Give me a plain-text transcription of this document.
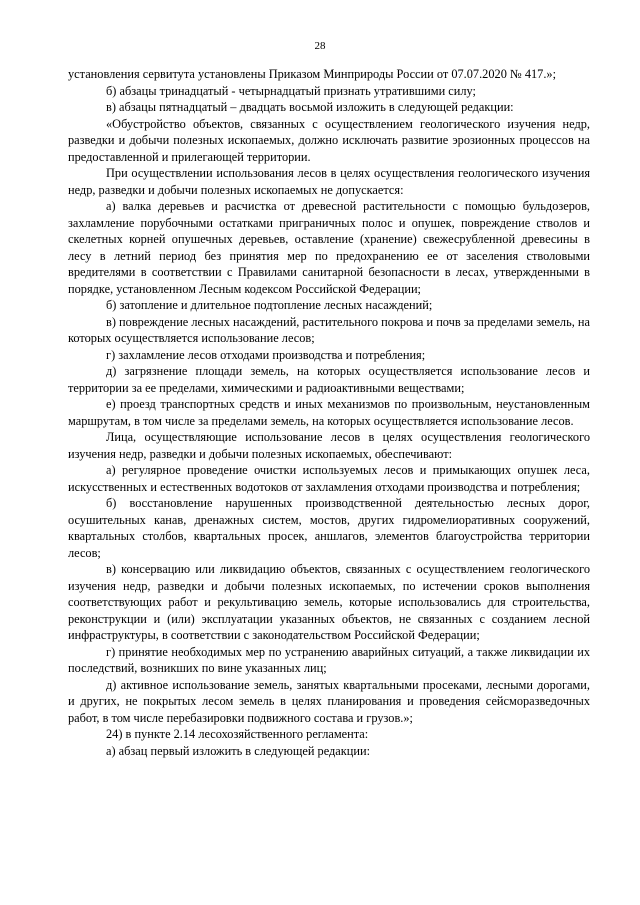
28

установления сервитута установлены Приказом Минприроды России от 07.07.2020 № 417.»;

б) абзацы тринадцатый - четырнадцатый признать утратившими силу;

в) абзацы пятнадцатый – двадцать восьмой изложить в следующей редакции:

«Обустройство объектов, связанных с осуществлением геологического изучения недр, разведки и добычи полезных ископаемых, должно исключать развитие эрозионных процессов на предоставленной и прилегающей территории.

При осуществлении использования лесов в целях осуществления геологического изучения недр, разведки и добычи полезных ископаемых не допускается:

а) валка деревьев и расчистка от древесной растительности с помощью бульдозеров, захламление порубочными остатками приграничных полос и опушек, повреждение стволов и скелетных корней опушечных деревьев, оставление (хранение) свежесрубленной древесины в лесу в летний период без принятия мер по предохранению ее от заселения стволовыми вредителями в соответствии с Правилами санитарной безопасности в лесах, утвержденными в порядке, установленном Лесным кодексом Российской Федерации;

б) затопление и длительное подтопление лесных насаждений;

в) повреждение лесных насаждений, растительного покрова и почв за пределами земель, на которых осуществляется использование лесов;

г) захламление лесов отходами производства и потребления;

д) загрязнение площади земель, на которых осуществляется использование лесов и территории за ее пределами, химическими и радиоактивными веществами;

е) проезд транспортных средств и иных механизмов по произвольным, неустановленным маршрутам, в том числе за пределами земель, на которых осуществляется использование лесов.

Лица, осуществляющие использование лесов в целях осуществления геологического изучения недр, разведки и добычи полезных ископаемых, обеспечивают:

а) регулярное проведение очистки используемых лесов и примыкающих опушек леса, искусственных и естественных водотоков от захламления отходами производства и потребления;

б) восстановление нарушенных производственной деятельностью лесных дорог, осушительных канав, дренажных систем, мостов, других гидромелиоративных сооружений, квартальных столбов, квартальных просек, аншлагов, элементов благоустройства территории лесов;

в) консервацию или ликвидацию объектов, связанных с осуществлением геологического изучения недр, разведки и добычи полезных ископаемых, по истечении сроков выполнения соответствующих работ и рекультивацию земель, которые использовались для строительства, реконструкции и (или) эксплуатации указанных объектов, не связанных с созданием лесной инфраструктуры, в соответствии с законодательством Российской Федерации;

г) принятие необходимых мер по устранению аварийных ситуаций, а также ликвидации их последствий, возникших по вине указанных лиц;

д) активное использование земель, занятых квартальными просеками, лесными дорогами, и других, не покрытых лесом земель в целях планирования и проведения сейсморазведочных работ, в том числе перебазировки подвижного состава и грузов.»;

24) в пункте 2.14 лесохозяйственного регламента:

а) абзац первый изложить в следующей редакции:
